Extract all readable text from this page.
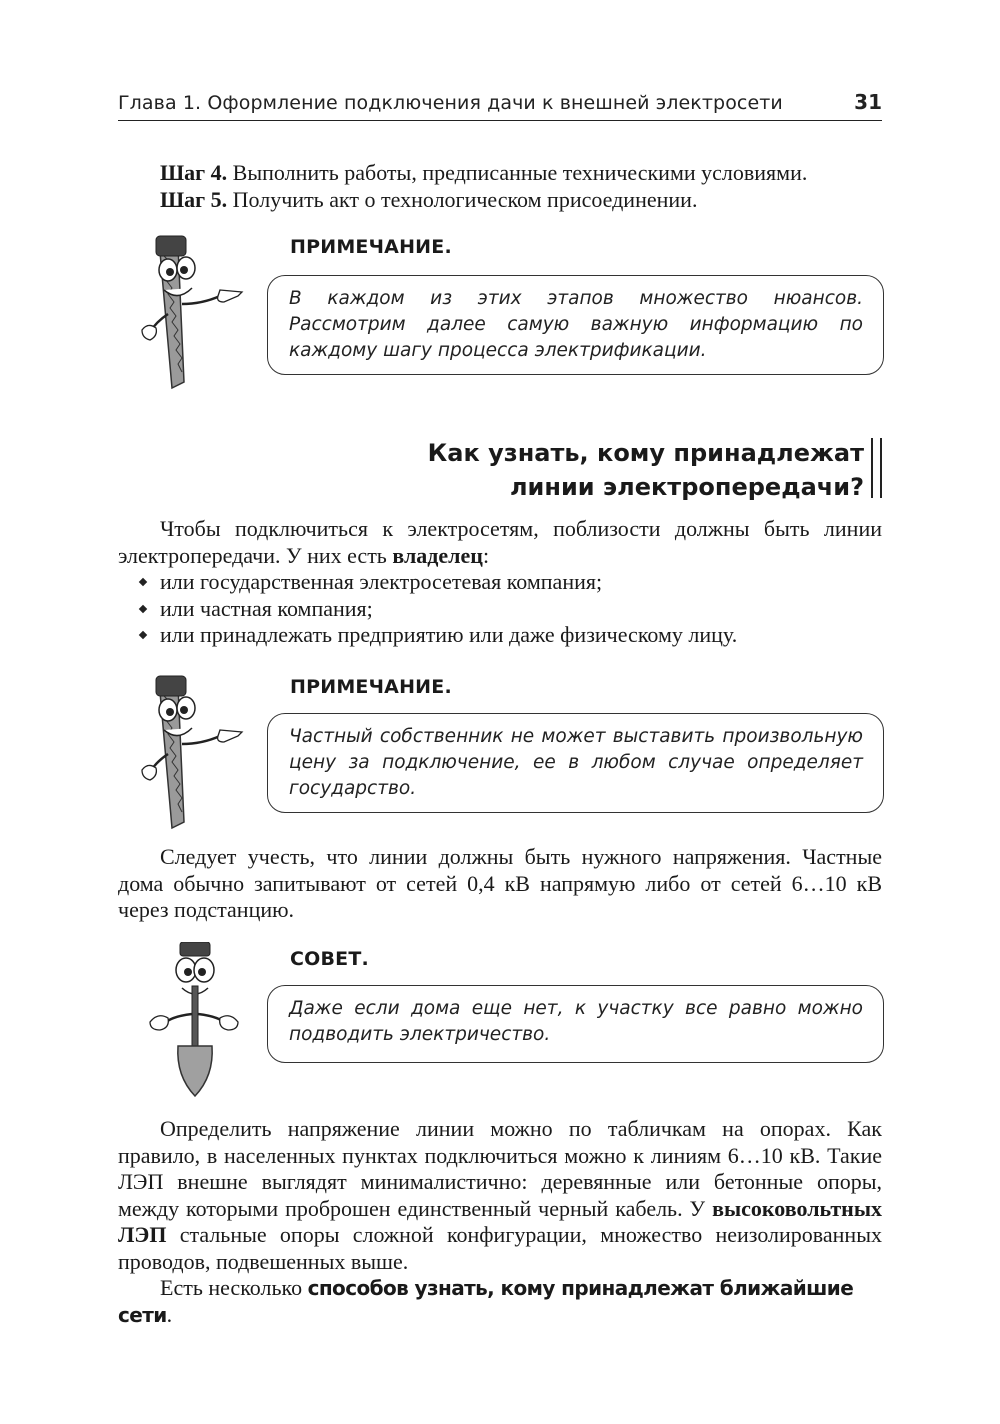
Глава 1. Оформление подключения дачи к внешней электросети	31

Шаг 4. Выполнить работы, предписанные техническими условиями.

Шаг 5. Получить акт о технологическом присоединении.

ПРИМЕЧАНИЕ.
В каждом из этих этапов множество нюансов. Рассмотрим далее самую важную информацию по каждому шагу процесса электрификации.
Как узнать, кому принадлежат
линии электропередачи?

Чтобы подключиться к электросетям, поблизости должны быть линии электропередачи. У них есть владелец:

или государственная электросетевая компания;
или частная компания;
или принадлежать предприятию или даже физическому лицу.
ПРИМЕЧАНИЕ.
Частный собственник не может выставить произвольную цену за подключение, ее в любом случае определяет государство.

Следует учесть, что линии должны быть нужного напряжения. Частные дома обычно запитывают от сетей 0,4 кВ напрямую либо от сетей 6…10 кВ через подстанцию.

СОВЕТ.
Даже если дома еще нет, к участку все равно можно подводить электричество.

Определить напряжение линии можно по табличкам на опорах. Как правило, в населенных пунктах подключиться можно к линиям 6…10 кВ. Такие ЛЭП внешне выглядят минималистично: деревянные или бетонные опоры, между которыми проброшен единственный черный кабель. У высоковольтных ЛЭП стальные опоры сложной конфигурации, множество неизолированных проводов, подвешенных выше.

Есть несколько способов узнать, кому принадлежат ближайшие сети.
